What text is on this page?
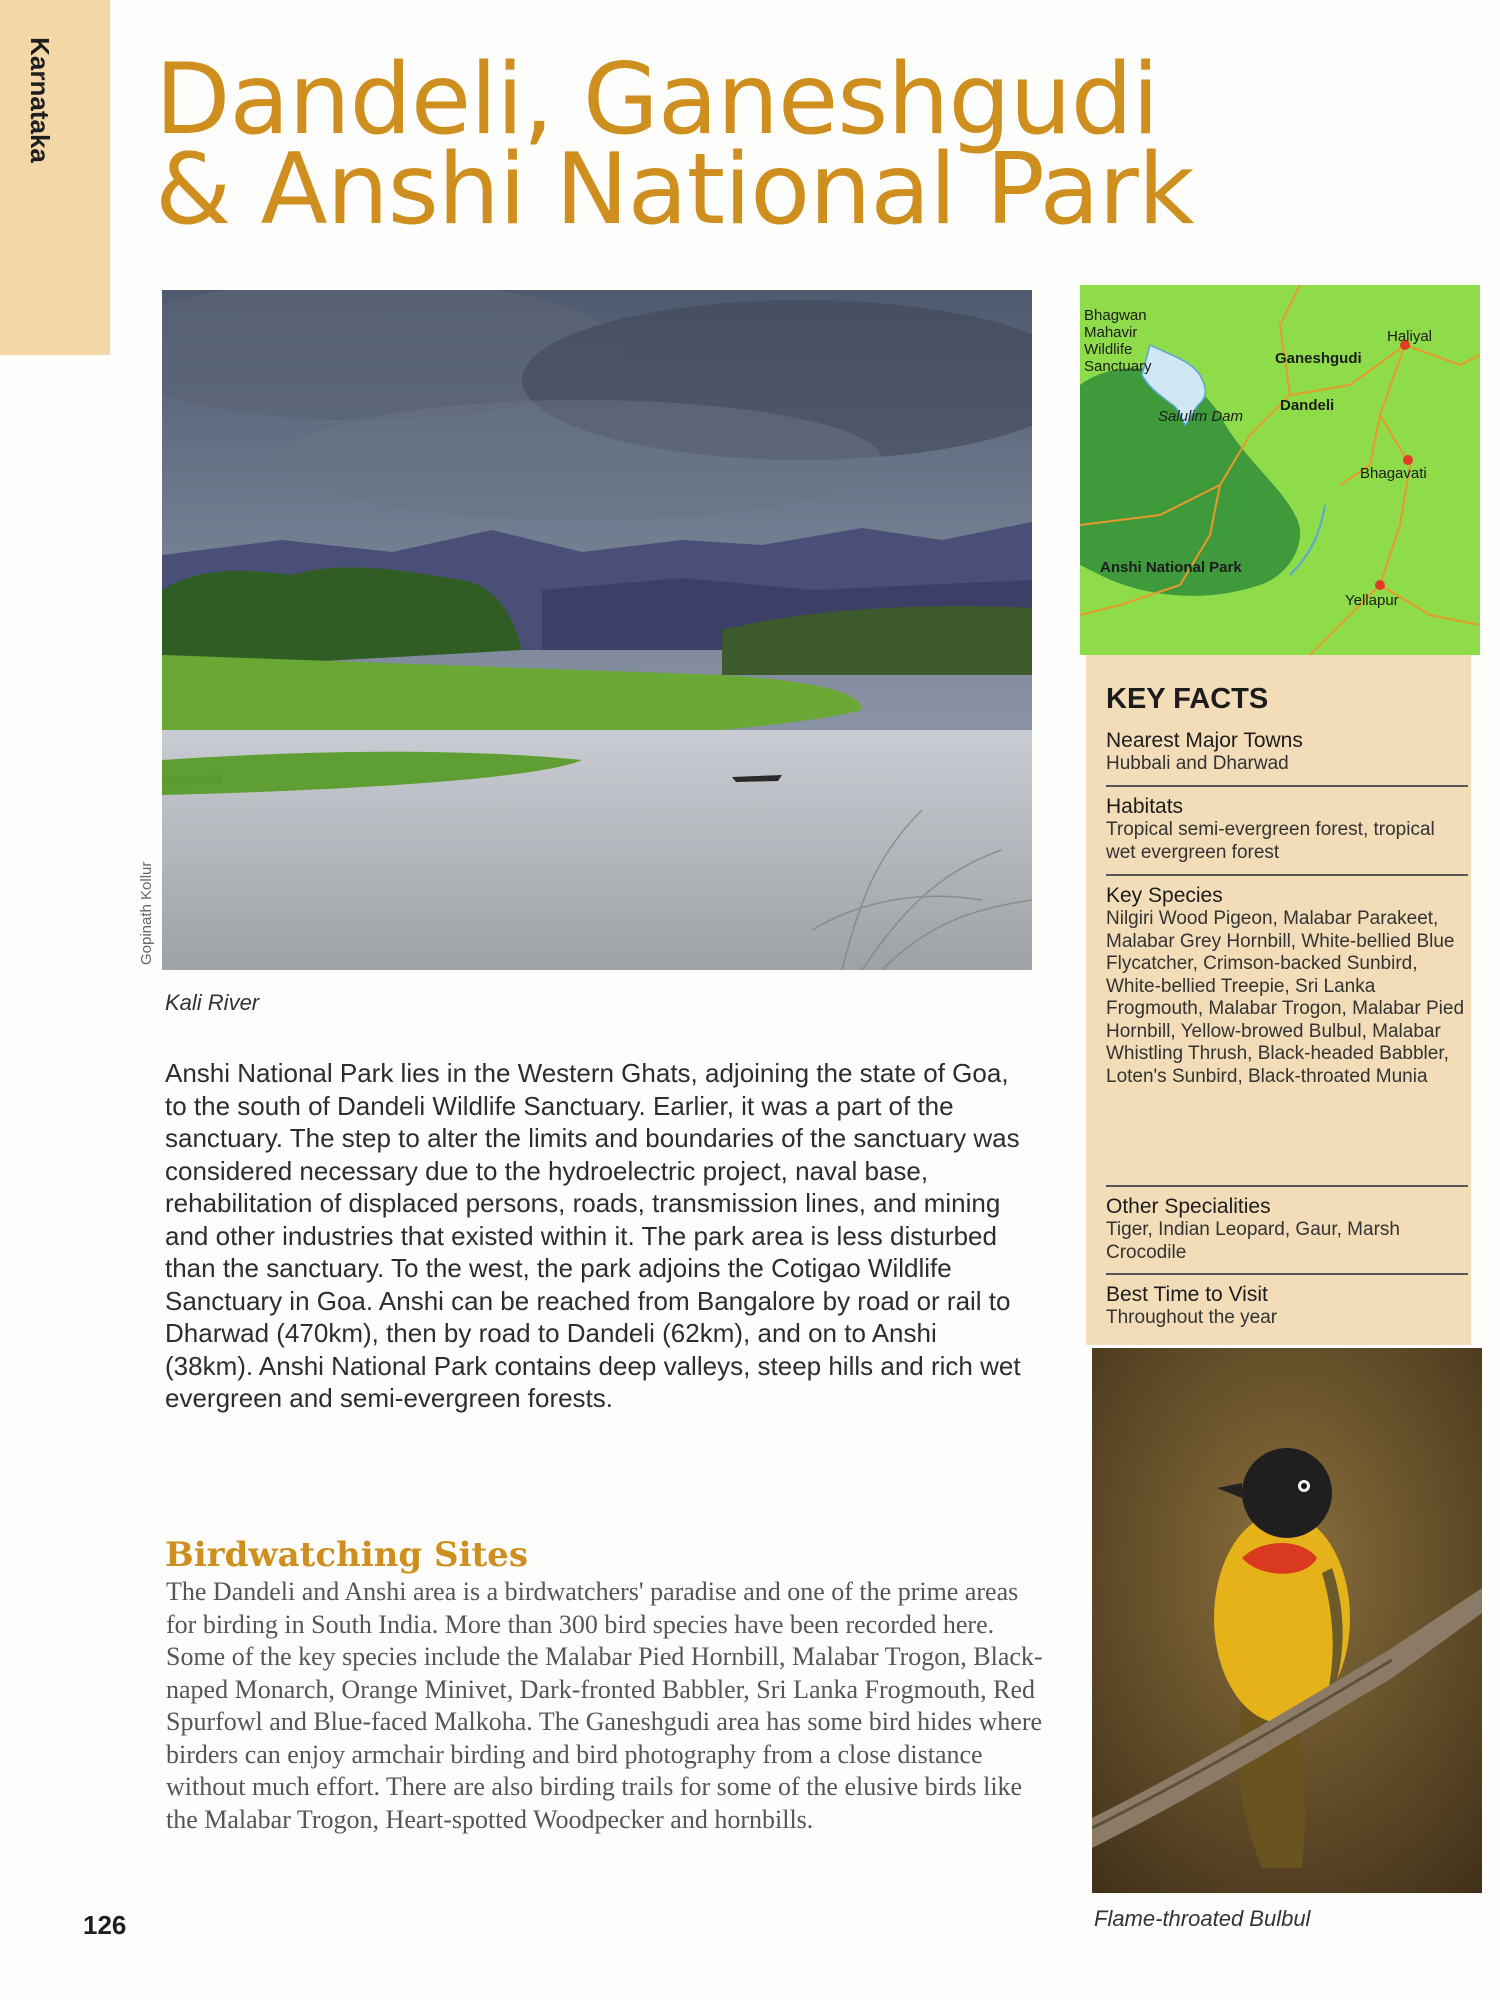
Karnataka Dandeli, Ganeshgudi
& Anshi National Park
Gopinath Kollur
Kali River

Anshi National Park lies in the Western Ghats, adjoining the state of Goa, to the south of Dandeli Wildlife Sanctuary. Earlier, it was a part of the sanctuary. The step to alter the limits and boundaries of the sanctuary was considered necessary due to the hydroelectric project, naval base, rehabilitation of displaced persons, roads, transmission lines, and mining and other industries that existed within it. The park area is less disturbed than the sanctuary. To the west, the park adjoins the Cotigao Wildlife Sanctuary in Goa. Anshi can be reached from Bangalore by road or rail to Dharwad (470km), then by road to Dandeli (62km), and on to Anshi (38km). Anshi National Park contains deep valleys, steep hills and rich wet evergreen and semi-evergreen forests.

Birdwatching Sites

The Dandeli and Anshi area is a birdwatchers' paradise and one of the prime areas for birding in South India. More than 300 bird species have been recorded here. Some of the key species include the Malabar Pied Hornbill, Malabar Trogon, Black-naped Monarch, Orange Minivet, Dark-fronted Babbler, Sri Lanka Frogmouth, Red Spurfowl and Blue-faced Malkoha. The Ganeshgudi area has some bird hides where birders can enjoy armchair birding and bird photography from a close distance without much effort. There are also birding trails for some of the elusive birds like the Malabar Trogon, Heart-spotted Woodpecker and hornbills.

126
Bhagwan
Mahavir
Wildlife
Sanctuary
Salulim Dam
Ganeshgudi
Dandeli
Haliyal
Bhagavati
Anshi National Park
Yellapur
KEY FACTS
Nearest Major Towns
Hubbali and Dharwad
Habitats
Tropical semi-evergreen forest, tropical wet evergreen forest
Key Species
Nilgiri Wood Pigeon, Malabar Parakeet, Malabar Grey Hornbill, White-bellied Blue Flycatcher, Crimson-backed Sunbird, White-bellied Treepie, Sri Lanka Frogmouth, Malabar Trogon, Malabar Pied Hornbill, Yellow-browed Bulbul, Malabar Whistling Thrush, Black-headed Babbler, Loten's Sunbird, Black-throated Munia
Other Specialities
Tiger, Indian Leopard, Gaur, Marsh Crocodile
Best Time to Visit
Throughout the year
Flame-throated Bulbul
